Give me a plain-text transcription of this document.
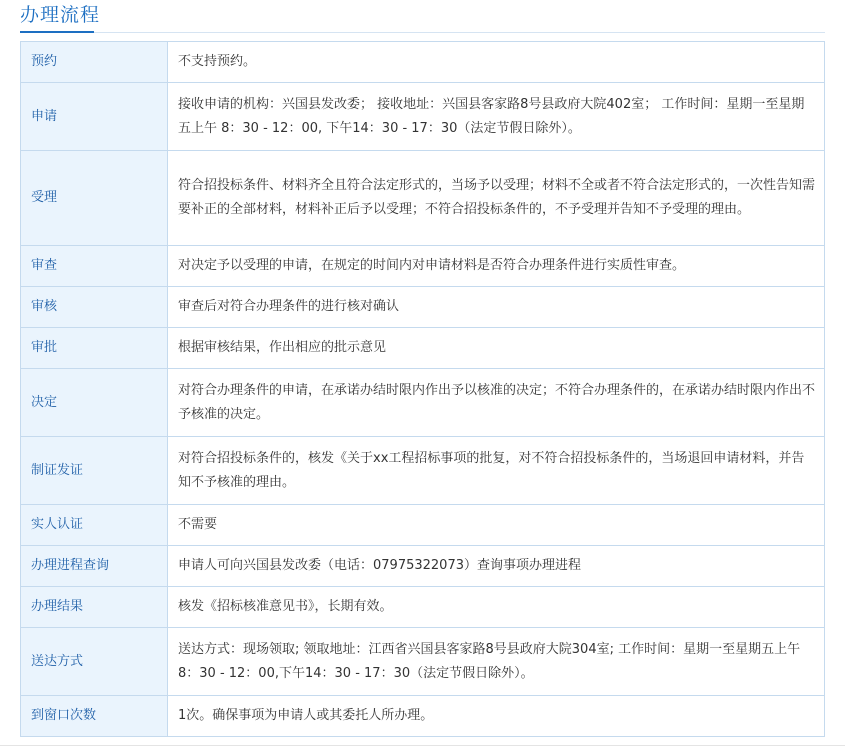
办理流程
预约	不支持预约。
申请	接收申请的机构：兴国县发改委； 接收地址：兴国县客家路8号县政府大院402室； 工作时间：星期一至星期五上午 8：30 - 12：00, 下午14：30 - 17：30（法定节假日除外）。
受理	符合招投标条件、材料齐全且符合法定形式的，当场予以受理；材料不全或者不符合法定形式的，一次性告知需要补正的全部材料，材料补正后予以受理；不符合招投标条件的，不予受理并告知不予受理的理由。
审查	对决定予以受理的申请，在规定的时间内对申请材料是否符合办理条件进行实质性审查。
审核	审查后对符合办理条件的进行核对确认
审批	根据审核结果，作出相应的批示意见
决定	对符合办理条件的申请，在承诺办结时限内作出予以核准的决定；不符合办理条件的，在承诺办结时限内作出不予核准的决定。
制证发证	对符合招投标条件的，核发《关于xx工程招标事项的批复，对不符合招投标条件的，当场退回申请材料，并告知不予核准的理由。
实人认证	不需要
办理进程查询	申请人可向兴国县发改委（电话：07975322073）查询事项办理进程
办理结果	核发《招标核准意见书》，长期有效。
送达方式	送达方式：现场领取; 领取地址：江西省兴国县客家路8号县政府大院304室; 工作时间：星期一至星期五上午8：30 - 12：00,下午14：30 - 17：30（法定节假日除外）。
到窗口次数	1次。确保事项为申请人或其委托人所办理。
